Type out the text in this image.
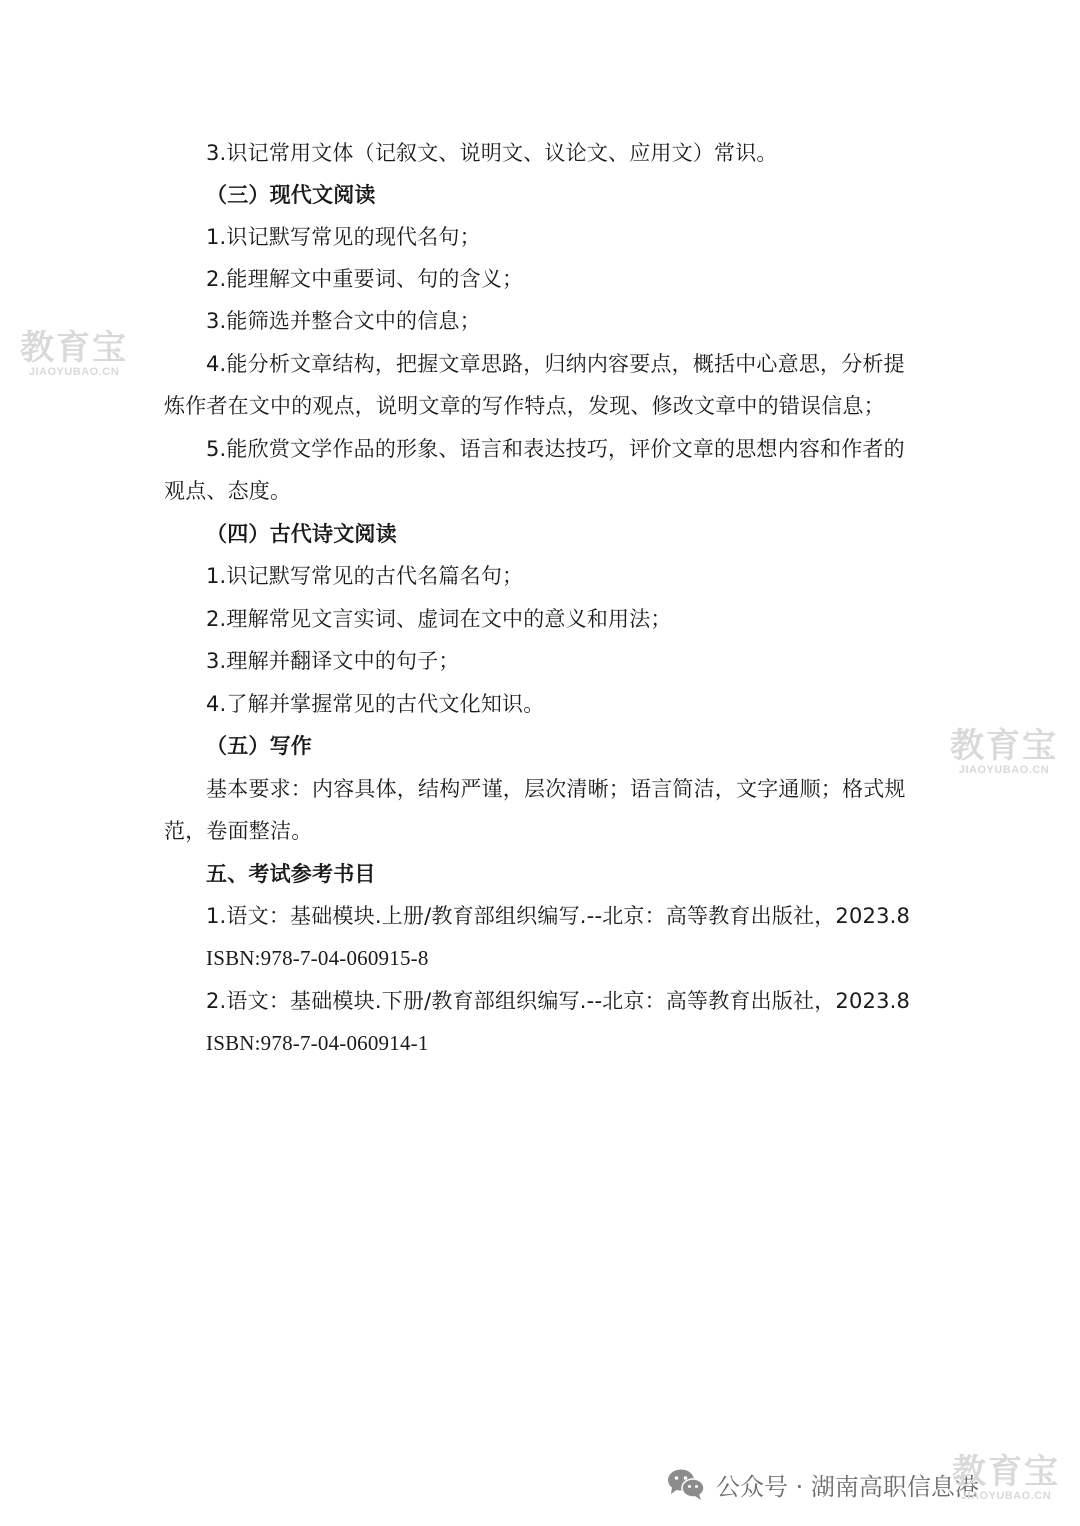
3.识记常用文体（记叙文、说明文、议论文、应用文）常识。
（三）现代文阅读
1.识记默写常见的现代名句；
2.能理解文中重要词、句的含义；
3.能筛选并整合文中的信息；
4.能分析文章结构，把握文章思路，归纳内容要点，概括中心意思，分析提
炼作者在文中的观点，说明文章的写作特点，发现、修改文章中的错误信息；
5.能欣赏文学作品的形象、语言和表达技巧，评价文章的思想内容和作者的
观点、态度。
（四）古代诗文阅读
1.识记默写常见的古代名篇名句；
2.理解常见文言实词、虚词在文中的意义和用法；
3.理解并翻译文中的句子；
4.了解并掌握常见的古代文化知识。
（五）写作
基本要求：内容具体，结构严谨，层次清晰；语言简洁，文字通顺；格式规
范，卷面整洁。
五、考试参考书目
1.语文：基础模块.上册/教育部组织编写.--北京：高等教育出版社，2023.8
ISBN:978-7-04-060915-8
2.语文：基础模块.下册/教育部组织编写.--北京：高等教育出版社，2023.8
ISBN:978-7-04-060914-1
教育宝
JIAOYUBAO.CN
教育宝
JIAOYUBAO.CN
教育宝
JIAOYUBAO.CN
公众号 · 湖南高职信息港
